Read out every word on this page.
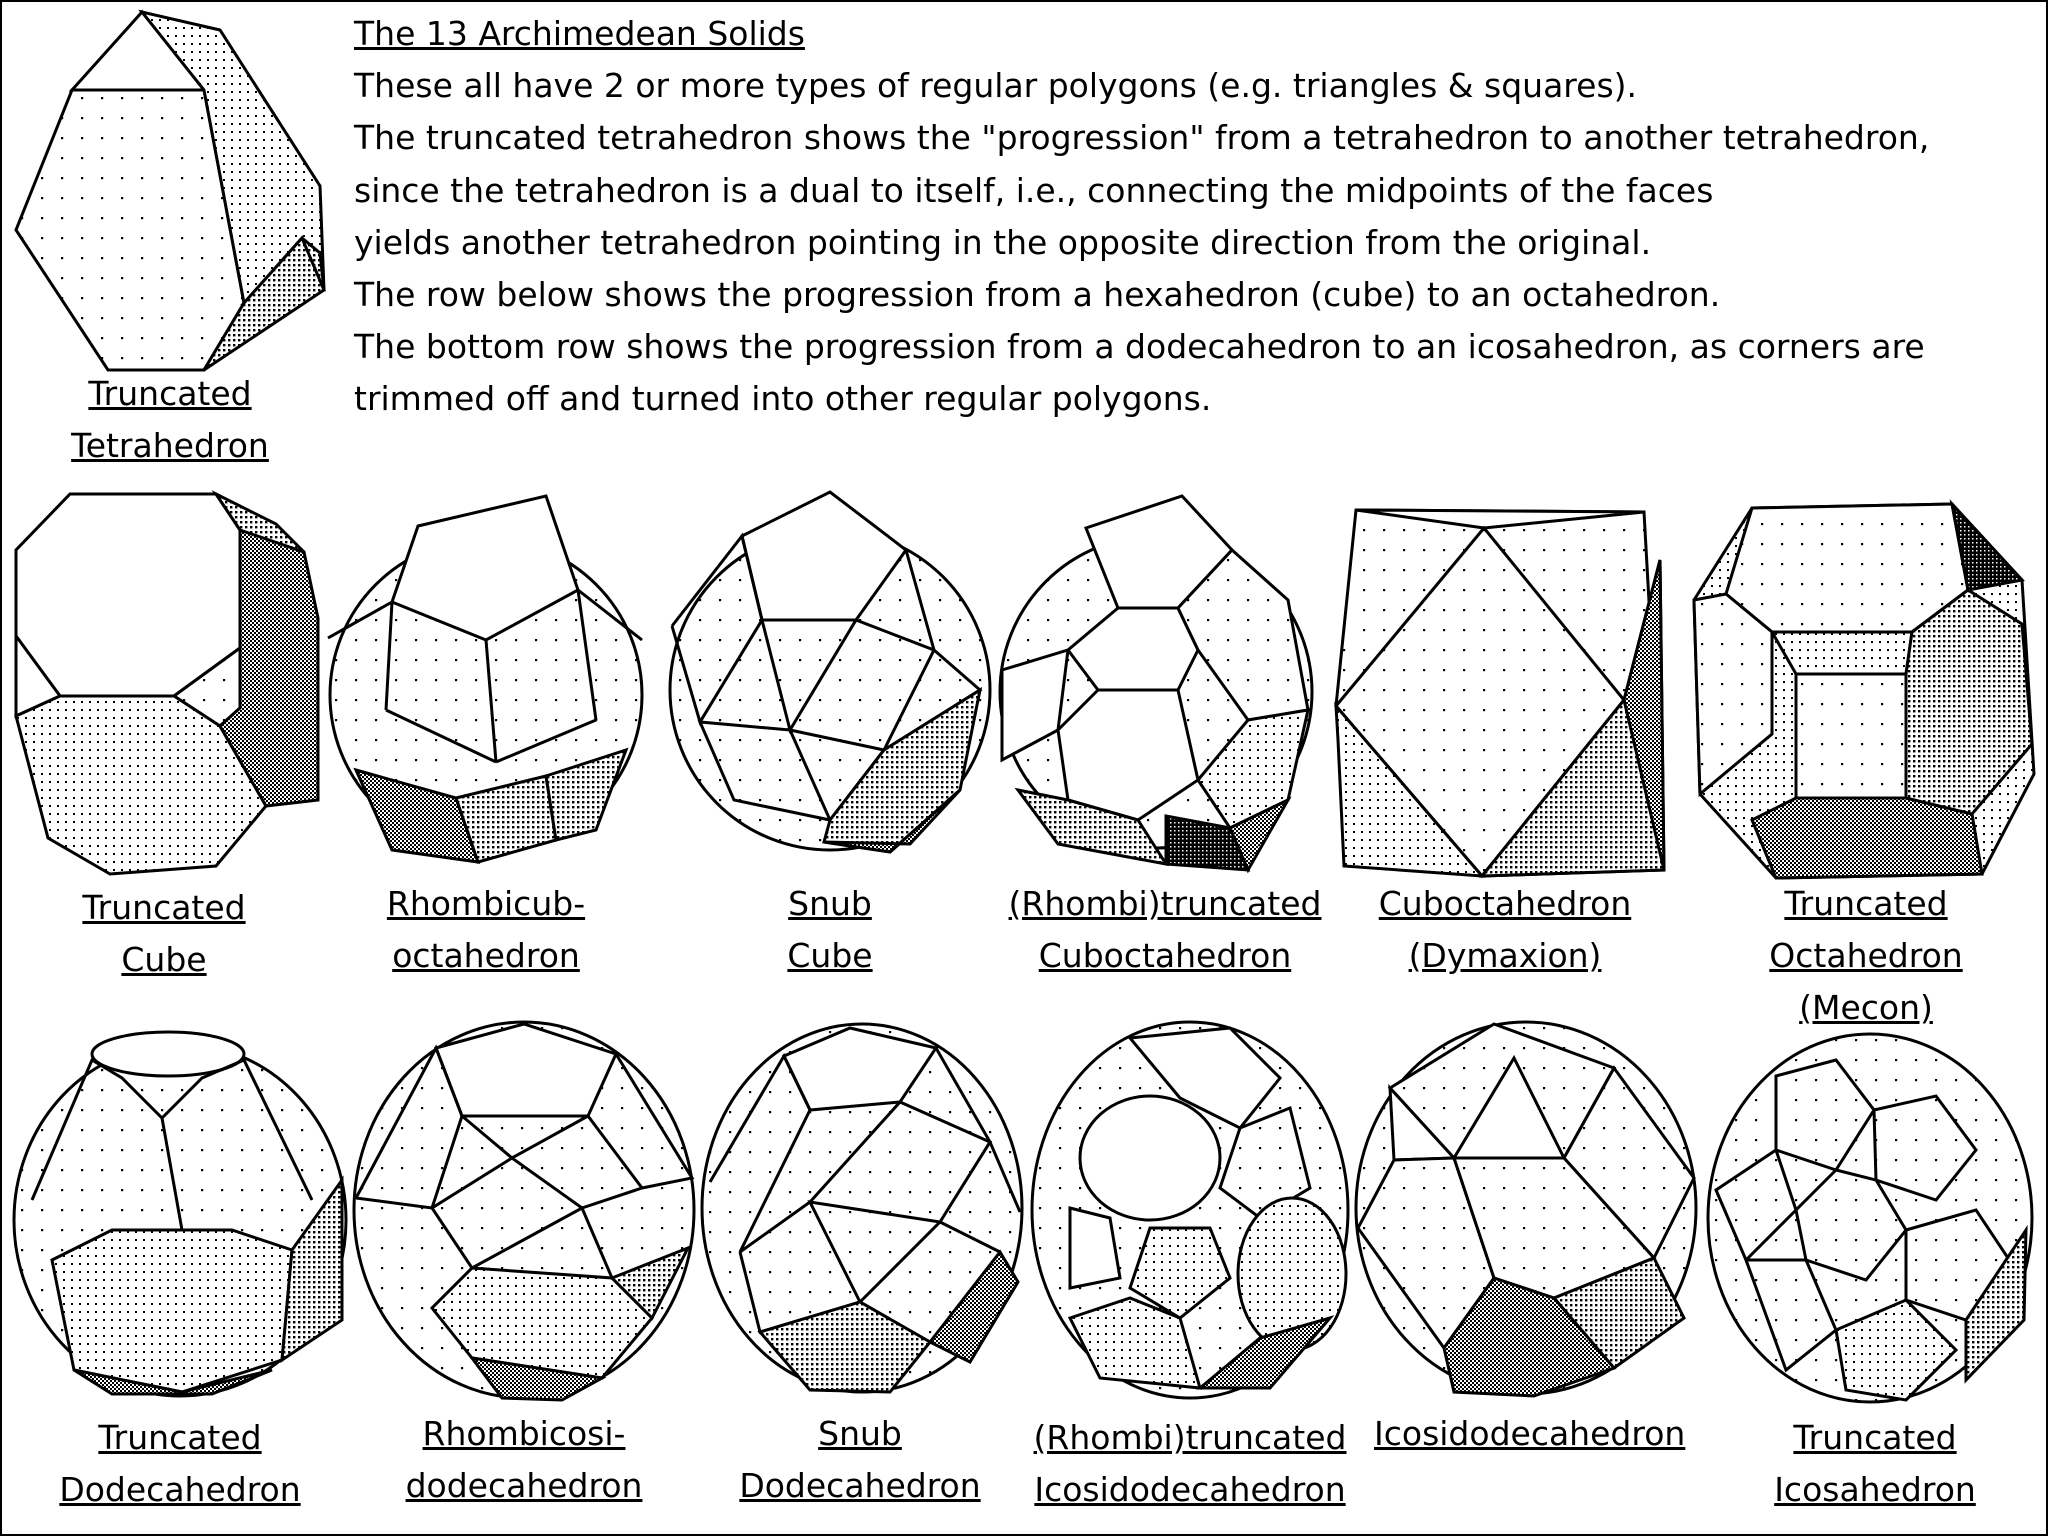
The 13 Archimedean Solids
These all have 2 or more types of regular polygons (e.g. triangles & squares).
The truncated tetrahedron shows the "progression" from a tetrahedron to another tetrahedron,
since the tetrahedron is a dual to itself, i.e., connecting the midpoints of the faces
yields another tetrahedron pointing in the opposite direction from the original.
The row below shows the progression from a hexahedron (cube) to an octahedron.
The bottom row shows the progression from a dodecahedron to an icosahedron, as corners are
trimmed off and turned into other regular polygons.
Truncated
Tetrahedron
Truncated
Cube
Rhombicub-
octahedron
Snub
Cube
(Rhombi)truncated
Cuboctahedron
Cuboctahedron
(Dymaxion)
Truncated
Octahedron
(Mecon)
Truncated
Dodecahedron
Rhombicosi-
dodecahedron
Snub
Dodecahedron
(Rhombi)truncated
Icosidodecahedron
Icosidodecahedron	Truncated
Icosahedron
